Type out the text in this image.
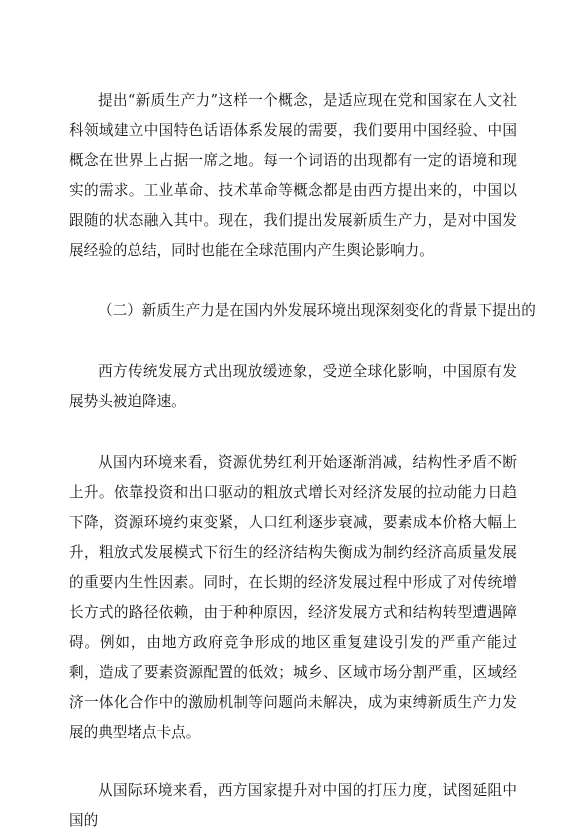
提出“新质生产力”这样一个概念，是适应现在党和国家在人文社科领域建立中国特色话语体系发展的需要，我们要用中国经验、中国概念在世界上占据一席之地。每一个词语的出现都有一定的语境和现实的需求。工业革命、技术革命等概念都是由西方提出来的，中国以跟随的状态融入其中。现在，我们提出发展新质生产力，是对中国发展经验的总结，同时也能在全球范围内产生舆论影响力。

（二）新质生产力是在国内外发展环境出现深刻变化的背景下提出的

西方传统发展方式出现放缓迹象，受逆全球化影响，中国原有发展势头被迫降速。

从国内环境来看，资源优势红利开始逐渐消减，结构性矛盾不断上升。依靠投资和出口驱动的粗放式增长对经济发展的拉动能力日趋下降，资源环境约束变紧，人口红利逐步衰减，要素成本价格大幅上升，粗放式发展模式下衍生的经济结构失衡成为制约经济高质量发展的重要内生性因素。同时，在长期的经济发展过程中形成了对传统增长方式的路径依赖，由于种种原因，经济发展方式和结构转型遭遇障碍。例如，由地方政府竞争形成的地区重复建设引发的严重产能过剩，造成了要素资源配置的低效；城乡、区域市场分割严重，区域经济一体化合作中的激励机制等问题尚未解决，成为束缚新质生产力发展的典型堵点卡点。

从国际环境来看，西方国家提升对中国的打压力度，试图延阻中国的
